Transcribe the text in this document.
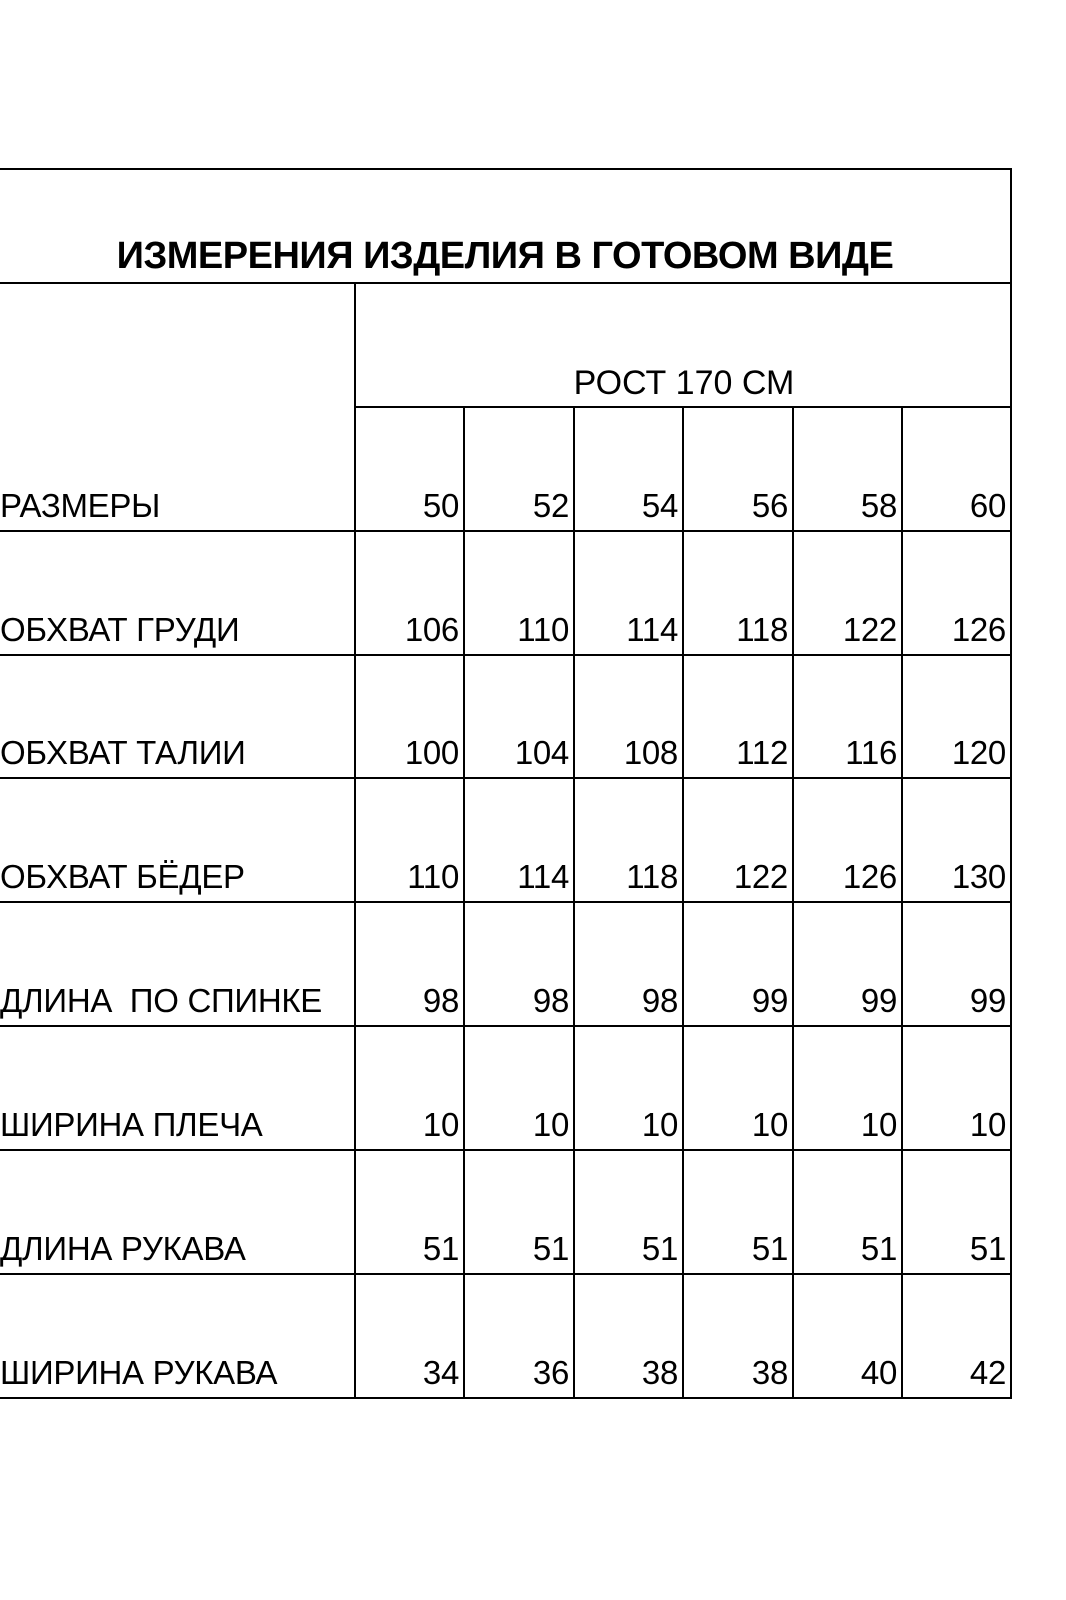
ИЗМЕРЕНИЯ ИЗДЕЛИЯ В ГОТОВОМ ВИДЕ
РОСТ 170 СМ
РАЗМЕРЫ	50	52	54	56	58	60
ОБХВАТ ГРУДИ	106	110	114	118	122	126
ОБХВАТ ТАЛИИ	100	104	108	112	116	120
ОБХВАТ БЁДЕР	110	114	118	122	126	130
ДЛИНА  ПО СПИНКЕ	98	98	98	99	99	99
ШИРИНА ПЛЕЧА	10	10	10	10	10	10
ДЛИНА РУКАВА	51	51	51	51	51	51
ШИРИНА РУКАВА	34	36	38	38	40	42
